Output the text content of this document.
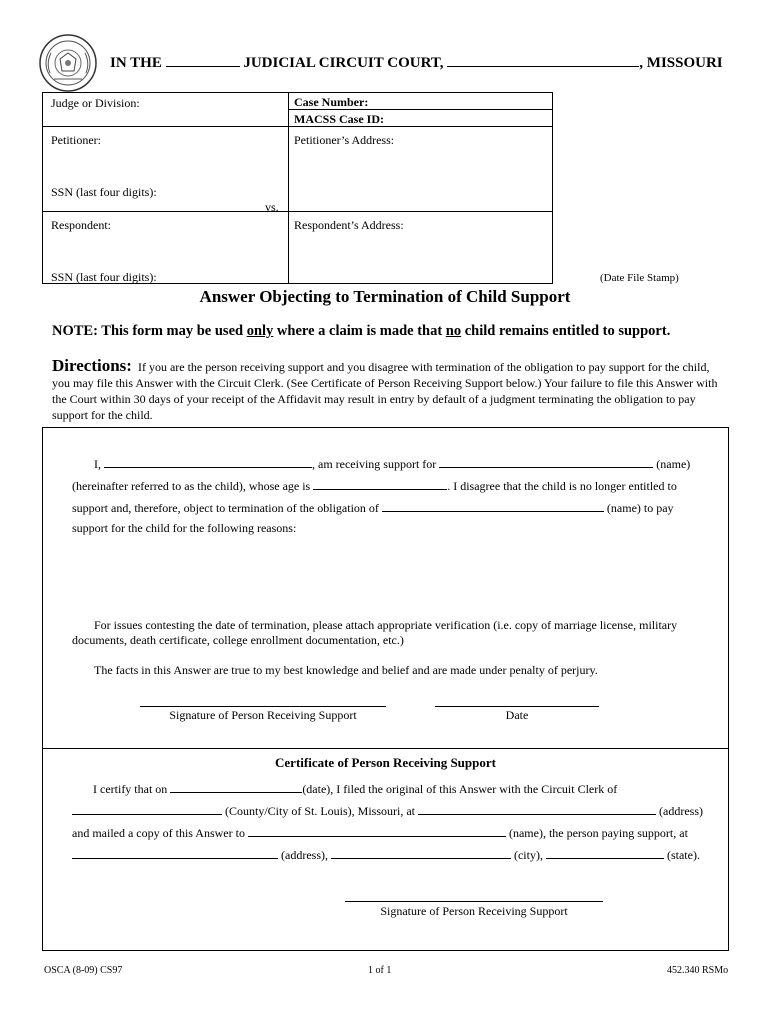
IN THE	JUDICIAL CIRCUIT COURT,	, MISSOURI
Judge or Division:	Case Number:
MACSS Case ID:
Petitioner:	Petitioner’s Address:
SSN (last four digits):
vs.
Respondent:	Respondent’s Address:
SSN (last four digits):	(Date File Stamp)
Answer Objecting to Termination of Child Support
NOTE: This form may be used only where a claim is made that no child remains entitled to support.
Directions: If you are the person receiving support and you disagree with termination of the obligation to pay support for the child, you may file this Answer with the Circuit Clerk. (See Certificate of Person Receiving Support below.) Your failure to file this Answer with the Court within 30 days of your receipt of the Affidavit may result in entry by default of a judgment terminating the obligation to pay support for the child.
I,	, am receiving support for	(name)
(hereinafter referred to as the child), whose age is	. I disagree that the child is no longer entitled to
support and, therefore, object to termination of the obligation of	(name) to pay
support for the child for the following reasons:
For issues contesting the date of termination, please attach appropriate verification (i.e. copy of marriage license, military
documents, death certificate, college enrollment documentation, etc.)
The facts in this Answer are true to my best knowledge and belief and are made under penalty of perjury.
Signature of Person Receiving Support	Date
Certificate of Person Receiving Support
I certify that on	(date), I filed the original of this Answer with the Circuit Clerk of
(County/City of St. Louis), Missouri, at	(address)
and mailed a copy of this Answer to	(name), the person paying support, at
(address),	(city),	(state).
Signature of Person Receiving Support
OSCA (8-09) CS97	1 of 1	452.340 RSMo
